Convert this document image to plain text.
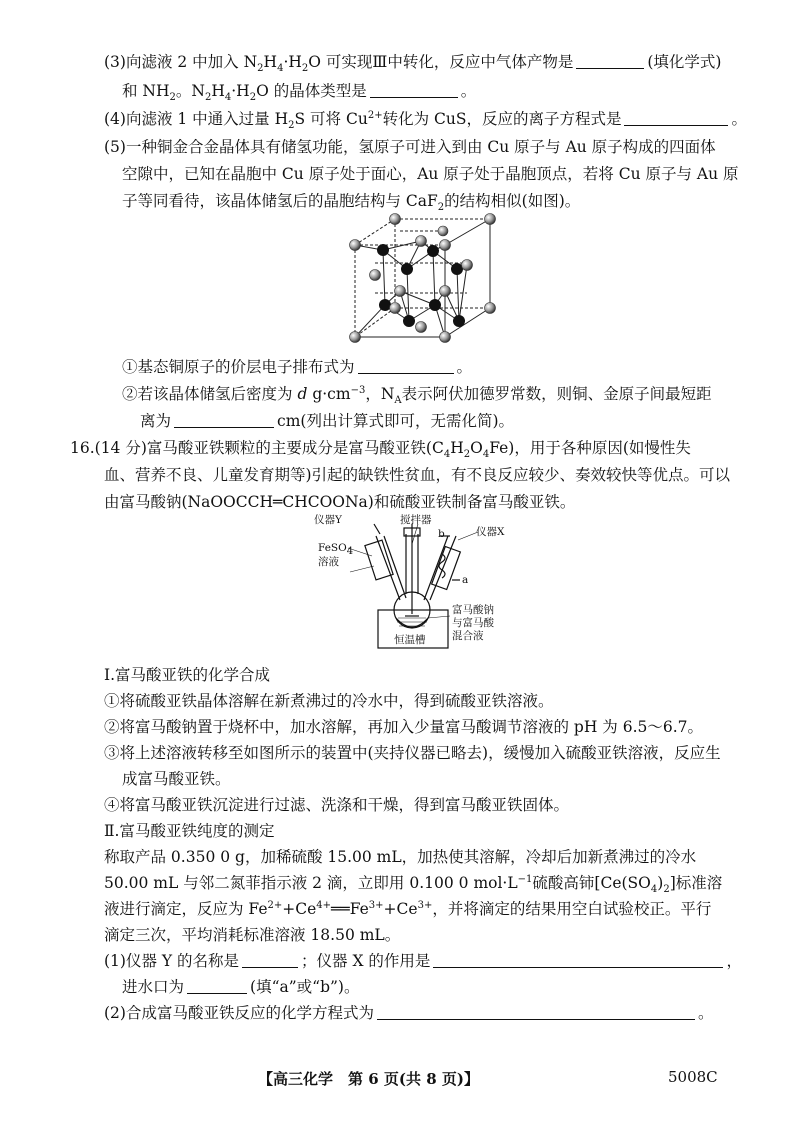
(3)向滤液 2 中加入 $N_2H_4\cdot H_2O$ 可实现Ⅲ中转化，反应中气体产物是	(填化学式)
和 $NH_2$。$N_2H_4\cdot H_2O$ 的晶体类型是	。
(4)向滤液 1 中通入过量 $H_2S$ 可将 $Cu^{2+}$转化为 CuS，反应的离子方程式是	。
(5)一种铜金合金晶体具有储氢功能，氢原子可进入到由 Cu 原子与 Au 原子构成的四面体
空隙中，已知在晶胞中 Cu 原子处于面心，Au 原子处于晶胞顶点，若将 Cu 原子与 Au 原
子等同看待，该晶体储氢后的晶胞结构与 CaF$_2$的结构相似(如图)。
①基态铜原子的价层电子排布式为	。
②若该晶体储氢后密度为 d $g\cdot cm^{-3}$，$N_A$表示阿伏加德罗常数，则铜、金原子间最短距
离为	cm(列出计算式即可，无需化简)。
16.(14 分)富马酸亚铁颗粒的主要成分是富马酸亚铁$(C_4H_2O_4Fe)$，用于各种原因(如慢性失
血、营养不良、儿童发育期等)引起的缺铁性贫血，有不良反应较少、奏效较快等优点。可以
由富马酸钠(NaOOCCH═CHCOONa)和硫酸亚铁制备富马酸亚铁。
仪器Y	搅拌器
b	仪器X
FeSO$_4$
溶液
a
富马酸钠
与富马酸
混合液
恒温槽
Ⅰ.富马酸亚铁的化学合成
①将硫酸亚铁晶体溶解在新煮沸过的冷水中，得到硫酸亚铁溶液。
②将富马酸钠置于烧杯中，加水溶解，再加入少量富马酸调节溶液的 pH 为 6.5～6.7。
③将上述溶液转移至如图所示的装置中(夹持仪器已略去)，缓慢加入硫酸亚铁溶液，反应生
成富马酸亚铁。
④将富马酸亚铁沉淀进行过滤、洗涤和干燥，得到富马酸亚铁固体。
Ⅱ.富马酸亚铁纯度的测定
称取产品 0.350 0 g，加稀硫酸 15.00 mL，加热使其溶解，冷却后加新煮沸过的冷水
50.00 mL 与邻二氮菲指示液 2 滴，立即用 0.100 0 $mol\cdot L^{-1}$硫酸高铈$[Ce(SO_4)_2]$标准溶
液进行滴定，反应为 $Fe^{2+}+Ce^{4+}══Fe^{3+}+Ce^{3+}$，并将滴定的结果用空白试验校正。平行
滴定三次，平均消耗标准溶液 18.50 mL。
(1)仪器 Y 的名称是	；仪器 X 的作用是	，
进水口为	(填“a”或“b”)。
(2)合成富马酸亚铁反应的化学方程式为	。
【高三化学　第 6 页(共 8 页)】	5008C
